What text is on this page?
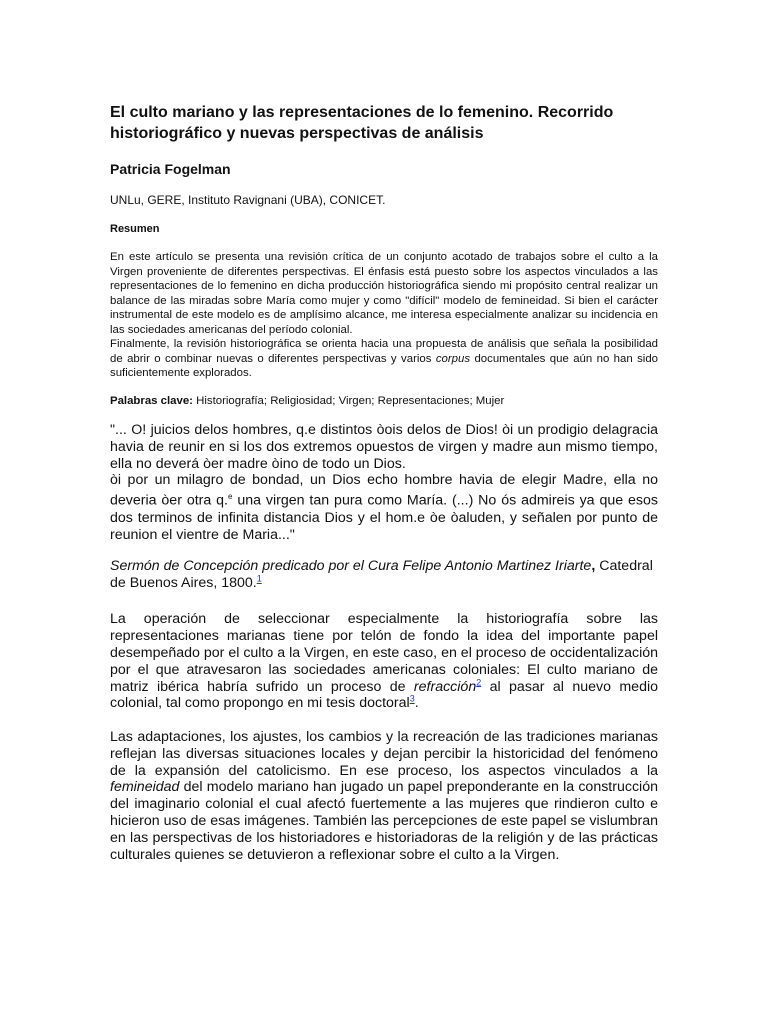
El culto mariano y las representaciones de lo femenino. Recorrido historiográfico y nuevas perspectivas de análisis
Patricia Fogelman
UNLu, GERE, Instituto Ravignani (UBA), CONICET.
Resumen

En este artículo se presenta una revisión crítica de un conjunto acotado de trabajos sobre el culto a la Virgen proveniente de diferentes perspectivas. El énfasis está puesto sobre los aspectos vinculados a las representaciones de lo femenino en dicha producción historiográfica siendo mi propósito central realizar un balance de las miradas sobre María como mujer y como "difícil" modelo de femineidad. Si bien el carácter instrumental de este modelo es de amplísimo alcance, me interesa especialmente analizar su incidencia en las sociedades americanas del período colonial.

Finalmente, la revisión historiográfica se orienta hacia una propuesta de análisis que señala la posibilidad de abrir o combinar nuevas o diferentes perspectivas y varios corpus documentales que aún no han sido suficientemente explorados.

Palabras clave: Historiografía; Religiosidad; Virgen; Representaciones; Mujer

"... O! juicios delos hombres, q.e distintos òois delos de Dios! òi un prodigio delagracia havia de reunir en si los dos extremos opuestos de virgen y madre aun mismo tiempo, ella no deverá òer madre òino de todo un Dios.

òi por un milagro de bondad, un Dios echo hombre havia de elegir Madre, ella no deveria òer otra q.$^e$ una virgen tan pura como María. (...) No ós admireis ya que esos dos terminos de infinita distancia Dios y el hom.e òe òaluden, y señalen por punto de reunion el vientre de Maria..."

Sermón de Concepción predicado por el Cura Felipe Antonio Martinez Iriarte, Catedral de Buenos Aires, 1800.$^1$

La operación de seleccionar especialmente la historiografía sobre las representaciones marianas tiene por telón de fondo la idea del importante papel desempeñado por el culto a la Virgen, en este caso, en el proceso de occidentalización por el que atravesaron las sociedades americanas coloniales: El culto mariano de matriz ibérica habría sufrido un proceso de refracción$^2$ al pasar al nuevo medio colonial, tal como propongo en mi tesis doctoral$^3$.

Las adaptaciones, los ajustes, los cambios y la recreación de las tradiciones marianas reflejan las diversas situaciones locales y dejan percibir la historicidad del fenómeno de la expansión del catolicismo. En ese proceso, los aspectos vinculados a la femineidad del modelo mariano han jugado un papel preponderante en la construcción del imaginario colonial el cual afectó fuertemente a las mujeres que rindieron culto e hicieron uso de esas imágenes. También las percepciones de este papel se vislumbran en las perspectivas de los historiadores e historiadoras de la religión y de las prácticas culturales quienes se detuvieron a reflexionar sobre el culto a la Virgen.
